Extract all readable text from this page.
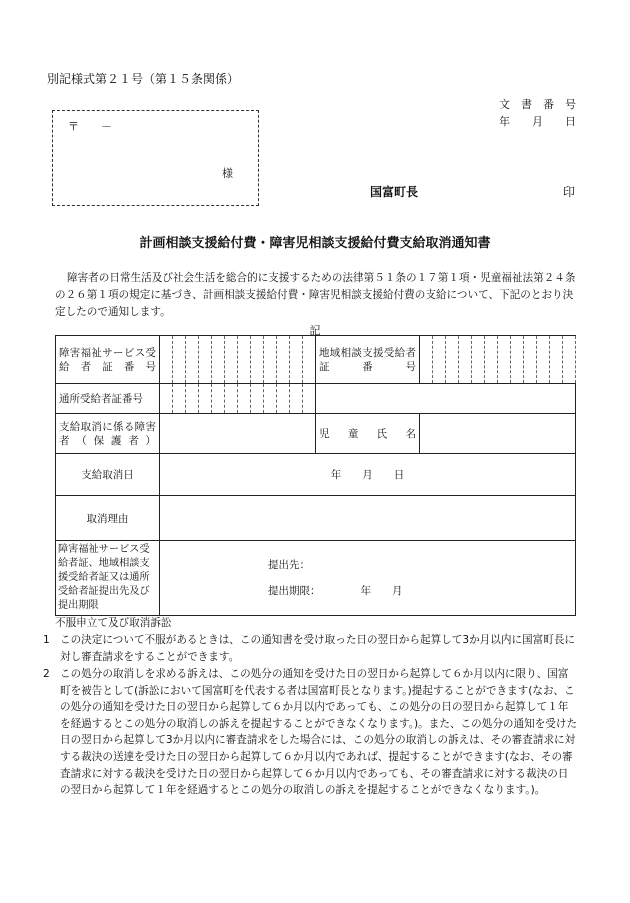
別記様式第２１号（第１５条関係）
〒　　－
様
文　書　番　号
年　　月　　日
国富町長	印
計画相談支援給付費・障害児相談支援給付費支給取消通知書
障害者の日常生活及び社会生活を総合的に支援するための法律第５１条の１７第１項・児童福祉法第２４条の２６第１項の規定に基づき、計画相談支援給付費・障害児相談支援給付費の支給について、下記のとおり決定したので通知します。
記
障害福祉サービス受給者証番号													地域相談支援受給者証番号												
通所受給者証番号																									
支給取消に係る障害者（保護者）													児童氏名												
支給取消日	年　　月　　日																								
取消理由																									
障害福祉サービス受給者証、地域相談支援受給者証又は通所受給者証提出先及び提出期限	提出先：
提出期限： 年　　月																								
不服申立て及び取消訴訟
1 この決定について不服があるときは、この通知書を受け取った日の翌日から起算して3か月以内に国富町長に対し審査請求をすることができます。
2 この処分の取消しを求める訴えは、この処分の通知を受けた日の翌日から起算して６か月以内に限り、国富町を被告として(訴訟において国富町を代表する者は国富町長となります。)提起することができます(なお、この処分の通知を受けた日の翌日から起算して６か月以内であっても、この処分の日の翌日から起算して１年を経過するとこの処分の取消しの訴えを提起することができなくなります。)。また、この処分の通知を受けた日の翌日から起算して3か月以内に審査請求をした場合には、この処分の取消しの訴えは、その審査請求に対する裁決の送達を受けた日の翌日から起算して６か月以内であれば、提起することができます(なお、その審査請求に対する裁決を受けた日の翌日から起算して６か月以内であっても、その審査請求に対する裁決の日の翌日から起算して１年を経過するとこの処分の取消しの訴えを提起することができなくなります。)。
